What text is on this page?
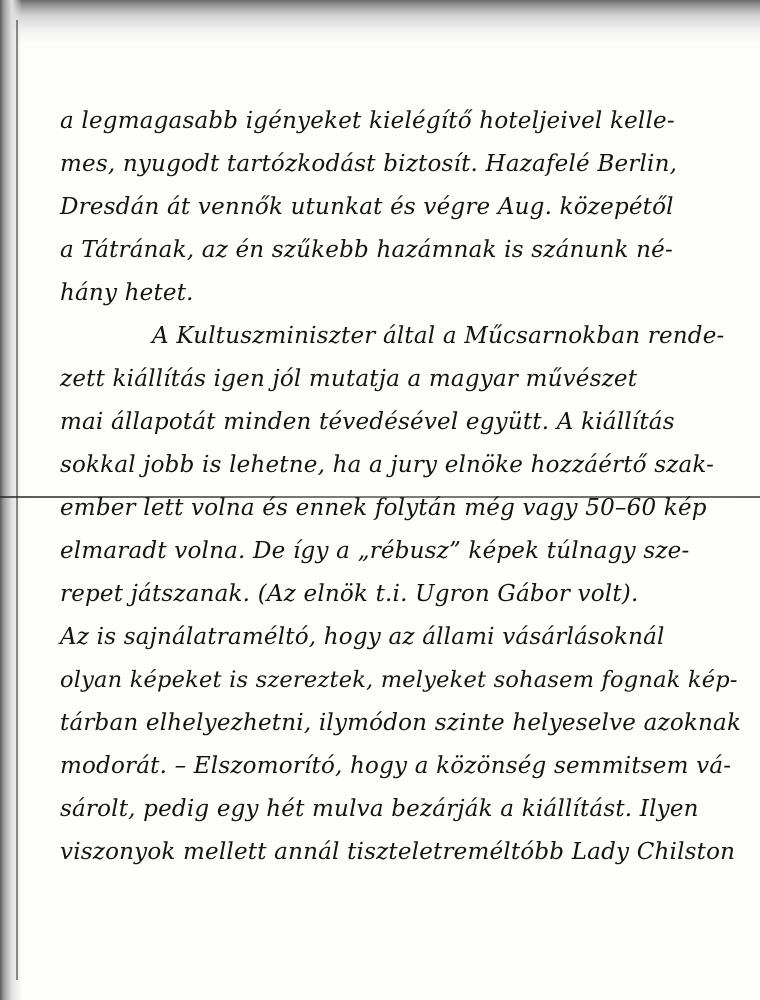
a legmagasabb igényeket kielégítő hoteljeivel kelle-
mes, nyugodt tartózkodást biztosít. Hazafelé Berlin,
Dresdán át vennők utunkat és végre Aug. közepétől
a Tátrának, az én szűkebb hazámnak is szánunk né-
hány hetet.
A Kultuszminiszter által a Műcsarnokban rende-
zett kiállítás igen jól mutatja a magyar művészet
mai állapotát minden tévedésével együtt. A kiállítás
sokkal jobb is lehetne, ha a jury elnöke hozzáértő szak-
ember lett volna és ennek folytán még vagy 50–60 kép
elmaradt volna. De így a „rébusz” képek túlnagy sze-
repet játszanak. (Az elnök t.i. Ugron Gábor volt).
Az is sajnálatraméltó, hogy az állami vásárlásoknál
olyan képeket is szereztek, melyeket sohasem fognak kép-
tárban elhelyezhetni, ilymódon szinte helyeselve azoknak
modorát. – Elszomorító, hogy a közönség semmitsem vá-
sárolt, pedig egy hét mulva bezárják a kiállítást. Ilyen
viszonyok mellett annál tiszteletreméltóbb Lady Chilston
